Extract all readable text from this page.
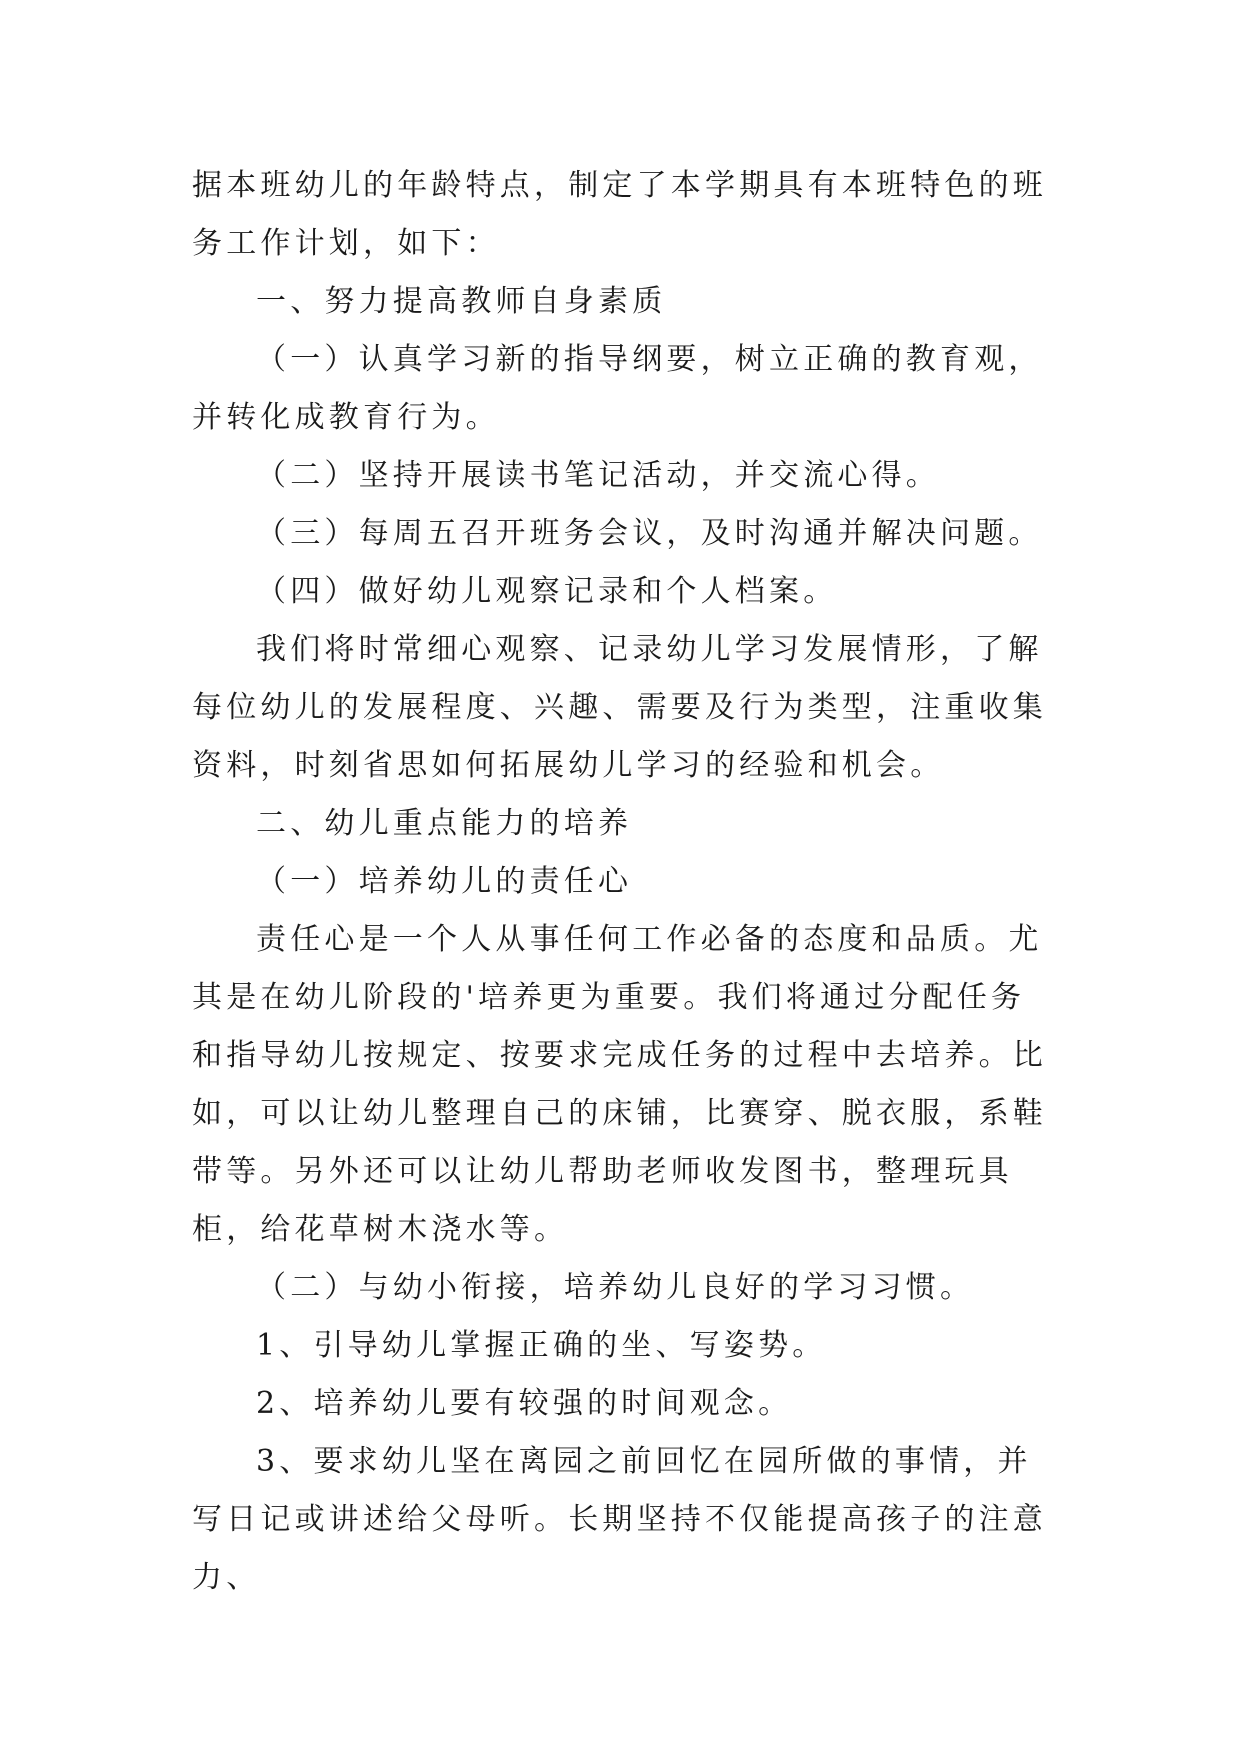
据本班幼儿的年龄特点，制定了本学期具有本班特色的班务工作计划，如下：

一、努力提高教师自身素质

（一）认真学习新的指导纲要，树立正确的教育观，并转化成教育行为。

（二）坚持开展读书笔记活动，并交流心得。

（三）每周五召开班务会议，及时沟通并解决问题。

（四）做好幼儿观察记录和个人档案。

我们将时常细心观察、记录幼儿学习发展情形，了解每位幼儿的发展程度、兴趣、需要及行为类型，注重收集资料，时刻省思如何拓展幼儿学习的经验和机会。

二、幼儿重点能力的培养

（一）培养幼儿的责任心

责任心是一个人从事任何工作必备的态度和品质。尤其是在幼儿阶段的'培养更为重要。我们将通过分配任务和指导幼儿按规定、按要求完成任务的过程中去培养。比如，可以让幼儿整理自己的床铺，比赛穿、脱衣服，系鞋带等。另外还可以让幼儿帮助老师收发图书，整理玩具柜，给花草树木浇水等。

（二）与幼小衔接，培养幼儿良好的学习习惯。

1、引导幼儿掌握正确的坐、写姿势。

2、培养幼儿要有较强的时间观念。

3、要求幼儿坚在离园之前回忆在园所做的事情，并写日记或讲述给父母听。长期坚持不仅能提高孩子的注意力、
